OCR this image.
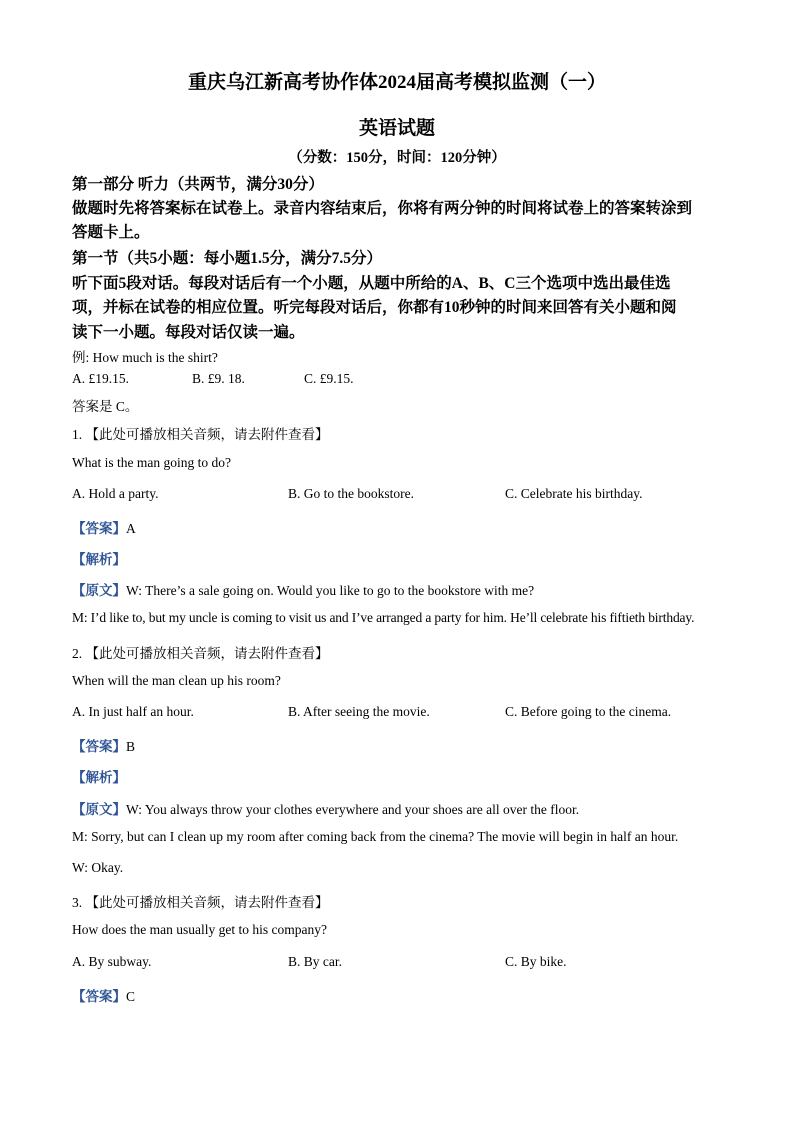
重庆乌江新高考协作体2024届高考模拟监测（一）
英语试题
（分数：150分，时间：120分钟）
第一部分 听力（共两节，满分30分）
做题时先将答案标在试卷上。录音内容结束后，你将有两分钟的时间将试卷上的答案转涂到
答题卡上。
第一节（共5小题：每小题1.5分，满分7.5分）
听下面5段对话。每段对话后有一个小题，从题中所给的A、B、C三个选项中选出最佳选
项，并标在试卷的相应位置。听完每段对话后，你都有10秒钟的时间来回答有关小题和阅
读下一小题。每段对话仅读一遍。
例: How much is the shirt?
A. £19.15.	B. £9. 18.	C. £9.15.
答案是 C。
1. 【此处可播放相关音频，请去附件查看】
What is the man going to do?
A. Hold a party.	B. Go to the bookstore.	C. Celebrate his birthday.
【答案】A
【解析】
【原文】W: There’s a sale going on. Would you like to go to the bookstore with me?
M: I’d like to, but my uncle is coming to visit us and I’ve arranged a party for him. He’ll celebrate his fiftieth birthday.
2. 【此处可播放相关音频，请去附件查看】
When will the man clean up his room?
A. In just half an hour.	B. After seeing the movie.	C. Before going to the cinema.
【答案】B
【解析】
【原文】W: You always throw your clothes everywhere and your shoes are all over the floor.
M: Sorry, but can I clean up my room after coming back from the cinema? The movie will begin in half an hour.
W: Okay.
3. 【此处可播放相关音频，请去附件查看】
How does the man usually get to his company?
A. By subway.	B. By car.	C. By bike.
【答案】C
